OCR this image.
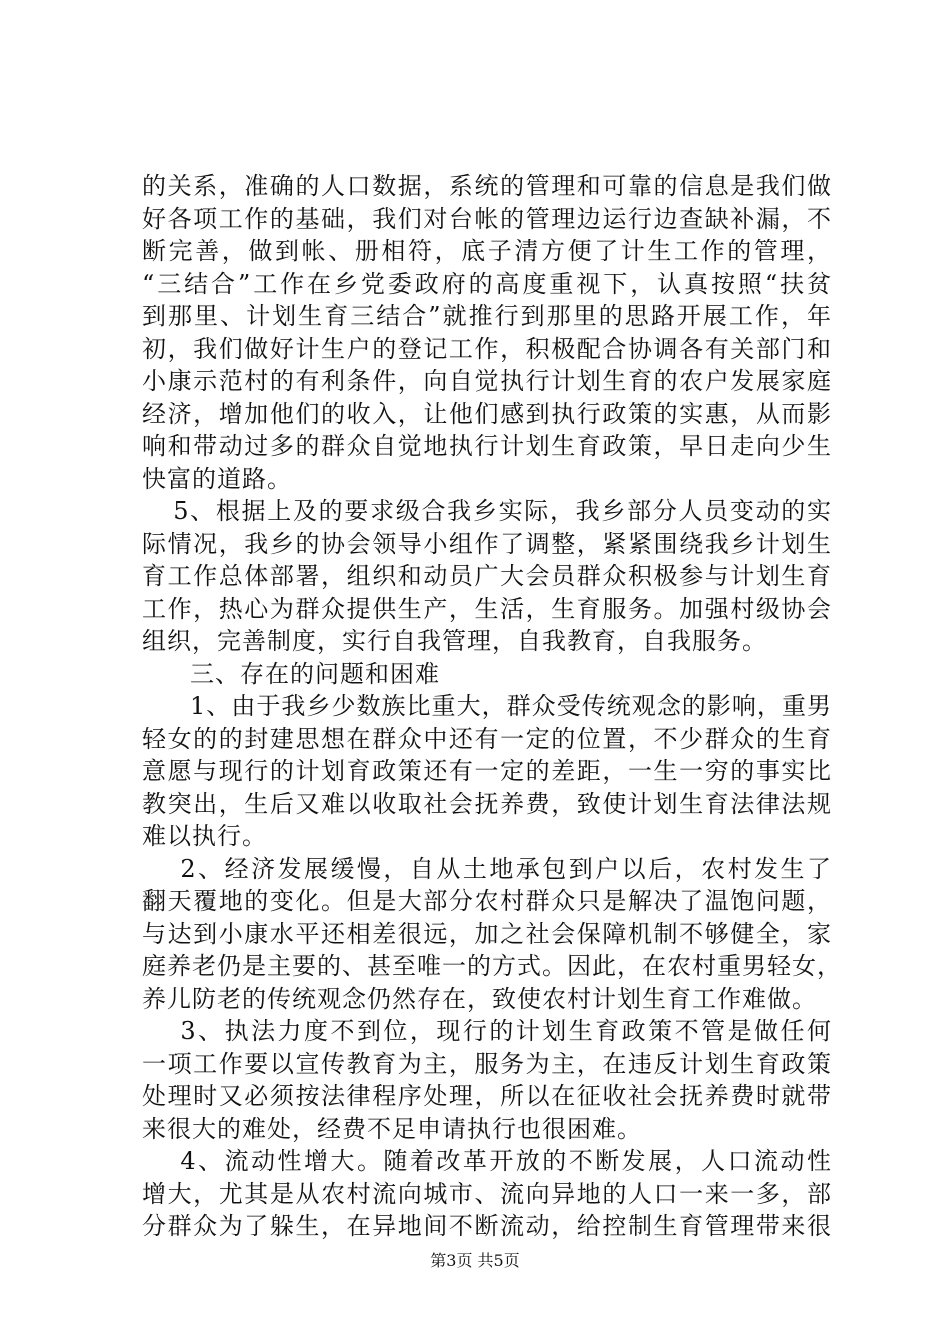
的关系，准确的人口数据，系统的管理和可靠的信息是我们做
好各项工作的基础，我们对台帐的管理边运行边查缺补漏，不
断完善，做到帐、册相符，底子清方便了计生工作的管理，
“三结合”工作在乡党委政府的高度重视下，认真按照“扶贫
到那里、计划生育三结合”就推行到那里的思路开展工作，年
初，我们做好计生户的登记工作，积极配合协调各有关部门和
小康示范村的有利条件，向自觉执行计划生育的农户发展家庭
经济，增加他们的收入，让他们感到执行政策的实惠，从而影
响和带动过多的群众自觉地执行计划生育政策，早日走向少生
快富的道路。
5、根据上及的要求级合我乡实际，我乡部分人员变动的实
际情况，我乡的协会领导小组作了调整，紧紧围绕我乡计划生
育工作总体部署，组织和动员广大会员群众积极参与计划生育
工作，热心为群众提供生产，生活，生育服务。加强村级协会
组织，完善制度，实行自我管理，自我教育，自我服务。
三、存在的问题和困难
1、由于我乡少数族比重大，群众受传统观念的影响，重男
轻女的的封建思想在群众中还有一定的位置，不少群众的生育
意愿与现行的计划育政策还有一定的差距，一生一穷的事实比
教突出，生后又难以收取社会抚养费，致使计划生育法律法规
难以执行。
2、经济发展缓慢，自从土地承包到户以后，农村发生了
翻天覆地的变化。但是大部分农村群众只是解决了温饱问题，
与达到小康水平还相差很远，加之社会保障机制不够健全，家
庭养老仍是主要的、甚至唯一的方式。因此，在农村重男轻女，
养儿防老的传统观念仍然存在，致使农村计划生育工作难做。
3、执法力度不到位，现行的计划生育政策不管是做任何
一项工作要以宣传教育为主，服务为主，在违反计划生育政策
处理时又必须按法律程序处理，所以在征收社会抚养费时就带
来很大的难处，经费不足申请执行也很困难。
4、流动性增大。随着改革开放的不断发展，人口流动性
增大，尤其是从农村流向城市、流向异地的人口一来一多，部
分群众为了躲生，在异地间不断流动，给控制生育管理带来很
第3页 共5页
